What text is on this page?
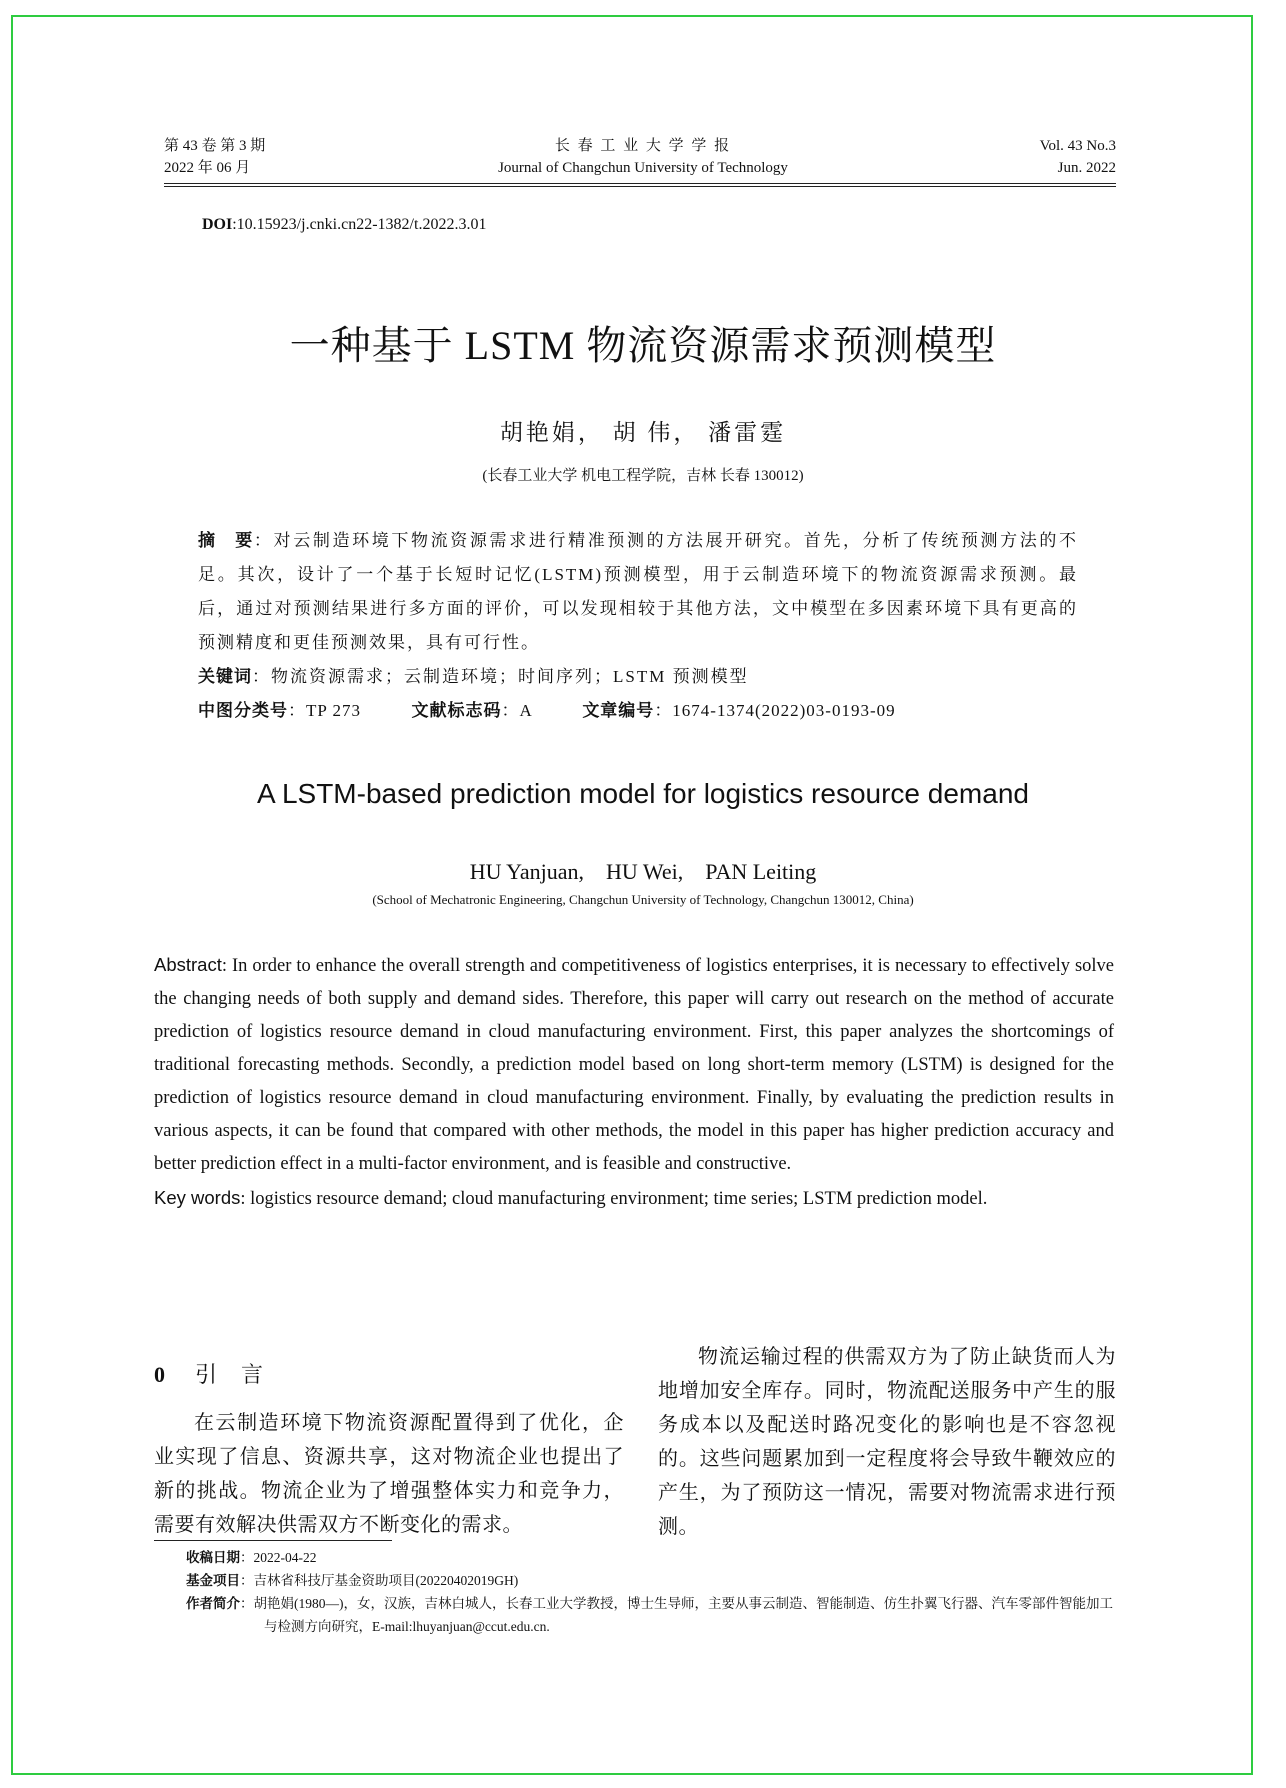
第 43 卷 第 3 期
2022 年 06 月
长 春 工 业 大 学 学 报
Journal of Changchun University of Technology
Vol. 43 No.3
Jun. 2022
DOI:10.15923/j.cnki.cn22-1382/t.2022.3.01
一种基于 LSTM 物流资源需求预测模型
胡艳娟， 胡 伟， 潘雷霆
(长春工业大学 机电工程学院，吉林 长春 130012)
摘　要：对云制造环境下物流资源需求进行精准预测的方法展开研究。首先，分析了传统预测方法的不足。其次，设计了一个基于长短时记忆(LSTM)预测模型，用于云制造环境下的物流资源需求预测。最后，通过对预测结果进行多方面的评价，可以发现相较于其他方法，文中模型在多因素环境下具有更高的预测精度和更佳预测效果，具有可行性。
关键词：物流资源需求；云制造环境；时间序列；LSTM 预测模型
中图分类号：TP 273	文献标志码：A	文章编号：1674-1374(2022)03-0193-09
A LSTM-based prediction model for logistics resource demand
HU Yanjuan,　HU Wei,　PAN Leiting
(School of Mechatronic Engineering, Changchun University of Technology, Changchun 130012, China)
Abstract: In order to enhance the overall strength and competitiveness of logistics enterprises, it is necessary to effectively solve the changing needs of both supply and demand sides. Therefore, this paper will carry out research on the method of accurate prediction of logistics resource demand in cloud manufacturing environment. First, this paper analyzes the shortcomings of traditional forecasting methods. Secondly, a prediction model based on long short-term memory (LSTM) is designed for the prediction of logistics resource demand in cloud manufacturing environment. Finally, by evaluating the prediction results in various aspects, it can be found that compared with other methods, the model in this paper has higher prediction accuracy and better prediction effect in a multi-factor environment, and is feasible and constructive.
Key words: logistics resource demand; cloud manufacturing environment; time series; LSTM prediction model.
0 引言
在云制造环境下物流资源配置得到了优化，企业实现了信息、资源共享，这对物流企业也提出了新的挑战。物流企业为了增强整体实力和竞争力，需要有效解决供需双方不断变化的需求。
物流运输过程的供需双方为了防止缺货而人为地增加安全库存。同时，物流配送服务中产生的服务成本以及配送时路况变化的影响也是不容忽视的。这些问题累加到一定程度将会导致牛鞭效应的产生，为了预防这一情况，需要对物流需求进行预测。
收稿日期：2022-04-22
基金项目：吉林省科技厅基金资助项目(20220402019GH)
作者简介：胡艳娟(1980—)，女，汉族，吉林白城人，长春工业大学教授，博士生导师，主要从事云制造、智能制造、仿生扑翼飞行器、汽车零部件智能加工与检测方向研究，E-mail:lhuyanjuan@ccut.edu.cn.
